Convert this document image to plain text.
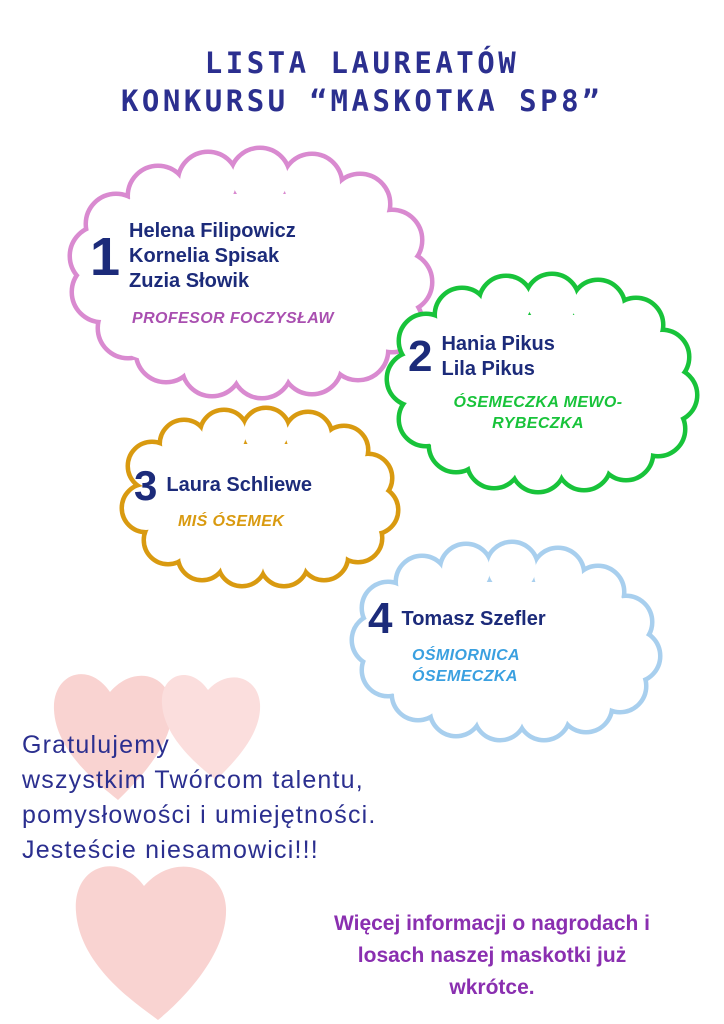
LISTA LAUREATÓW
KONKURSU “MASKOTKA SP8”
1 Helena Filipowicz
Kornelia Spisak
Zuzia Słowik
PROFESOR FOCZYSŁAW
2 Hania Pikus
Lila Pikus
ÓSEMECZKA MEWO-
RYBECZKA
3 Laura Schliewe
MIŚ ÓSEMEK
4 Tomasz Szefler
OŚMIORNICA
ÓSEMECZKA
Gratulujemy
wszystkim Twórcom talentu,
pomysłowości i umiejętności.
Jesteście niesamowici!!!
Więcej informacji o nagrodach i
losach naszej maskotki już
wkrótce.
